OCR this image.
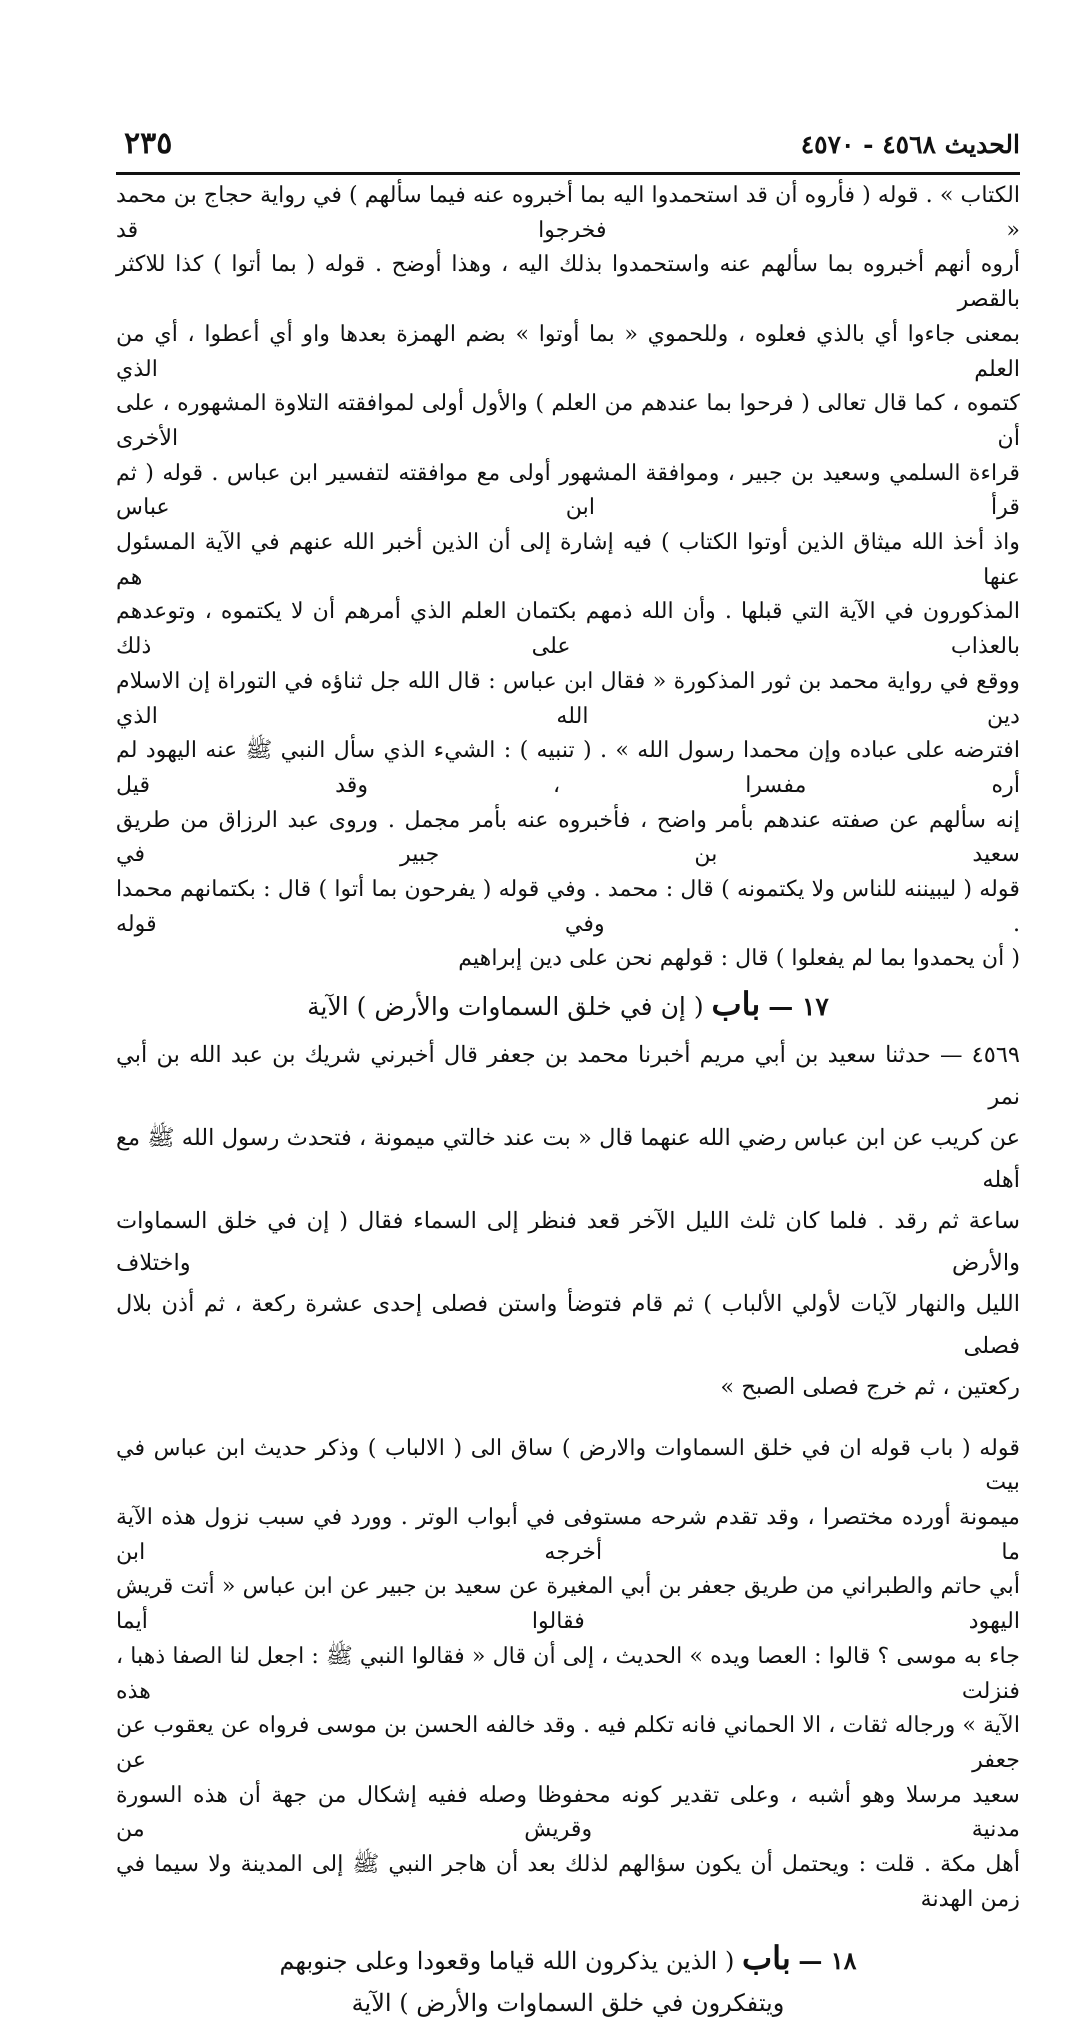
الحديث ٤٥٦٨ - ٤٥٧٠
٢٣٥
الكتاب » . قوله ( فأروه أن قد استحمدوا اليه بما أخبروه عنه فيما سألهم ) في رواية حجاج بن محمد « فخرجوا قد
أروه أنهم أخبروه بما سألهم عنه واستحمدوا بذلك اليه ، وهذا أوضح . قوله ( بما أتوا ) كذا للاكثر بالقصر
بمعنى جاءوا أي بالذي فعلوه ، وللحموي « بما أوتوا » بضم الهمزة بعدها واو أي أعطوا ، أي من العلم الذي
كتموه ، كما قال تعالى ( فرحوا بما عندهم من العلم ) والأول أولى لموافقته التلاوة المشهوره ، على أن الأخرى
قراءة السلمي وسعيد بن جبير ، وموافقة المشهور أولى مع موافقته لتفسير ابن عباس . قوله ( ثم قرأ ابن عباس
واذ أخذ الله ميثاق الذين أوتوا الكتاب ) فيه إشارة إلى أن الذين أخبر الله عنهم في الآية المسئول عنها هم
المذكورون في الآية التي قبلها . وأن الله ذمهم بكتمان العلم الذي أمرهم أن لا يكتموه ، وتوعدهم بالعذاب على ذلك
ووقع في رواية محمد بن ثور المذكورة « فقال ابن عباس : قال الله جل ثناؤه في التوراة إن الاسلام دين الله الذي
افترضه على عباده وإن محمدا رسول الله » . ( تنبيه ) : الشيء الذي سأل النبي ﷺ عنه اليهود لم أره مفسرا ، وقد قيل
إنه سألهم عن صفته عندهم بأمر واضح ، فأخبروه عنه بأمر مجمل . وروى عبد الرزاق من طريق سعيد بن جبير في
قوله ( ليبيننه للناس ولا يكتمونه ) قال : محمد . وفي قوله ( يفرحون بما أتوا ) قال : بكتمانهم محمدا . وفي قوله
( أن يحمدوا بما لم يفعلوا ) قال : قولهم نحن على دين إبراهيم
١٧ — باب ( إن في خلق السماوات والأرض ) الآية
٤٥٦٩ — حدثنا سعيد بن أبي مريم أخبرنا محمد بن جعفر قال أخبرني شريك بن عبد الله بن أبي نمر
عن كريب عن ابن عباس رضي الله عنهما قال « بت عند خالتي ميمونة ، فتحدث رسول الله ﷺ مع أهله
ساعة ثم رقد . فلما كان ثلث الليل الآخر قعد فنظر إلى السماء فقال ( إن في خلق السماوات والأرض واختلاف
الليل والنهار لآيات لأولي الألباب ) ثم قام فتوضأ واستن فصلى إحدى عشرة ركعة ، ثم أذن بلال فصلى
ركعتين ، ثم خرج فصلى الصبح »
قوله ( باب قوله ان في خلق السماوات والارض ) ساق الى ( الالباب ) وذكر حديث ابن عباس في بيت
ميمونة أورده مختصرا ، وقد تقدم شرحه مستوفى في أبواب الوتر . وورد في سبب نزول هذه الآية ما أخرجه ابن
أبي حاتم والطبراني من طريق جعفر بن أبي المغيرة عن سعيد بن جبير عن ابن عباس « أتت قريش اليهود فقالوا أيما
جاء به موسى ؟ قالوا : العصا ويده » الحديث ، إلى أن قال « فقالوا النبي ﷺ : اجعل لنا الصفا ذهبا ، فنزلت هذه
الآية » ورجاله ثقات ، الا الحماني فانه تكلم فيه . وقد خالفه الحسن بن موسى فرواه عن يعقوب عن جعفر عن
سعيد مرسلا وهو أشبه ، وعلى تقدير كونه محفوظا وصله ففيه إشكال من جهة أن هذه السورة مدنية وقريش من
أهل مكة . قلت : ويحتمل أن يكون سؤالهم لذلك بعد أن هاجر النبي ﷺ إلى المدينة ولا سيما في زمن الهدنة
١٨ — باب ( الذين يذكرون الله قياما وقعودا وعلى جنوبهم
ويتفكرون في خلق السماوات والأرض ) الآية
